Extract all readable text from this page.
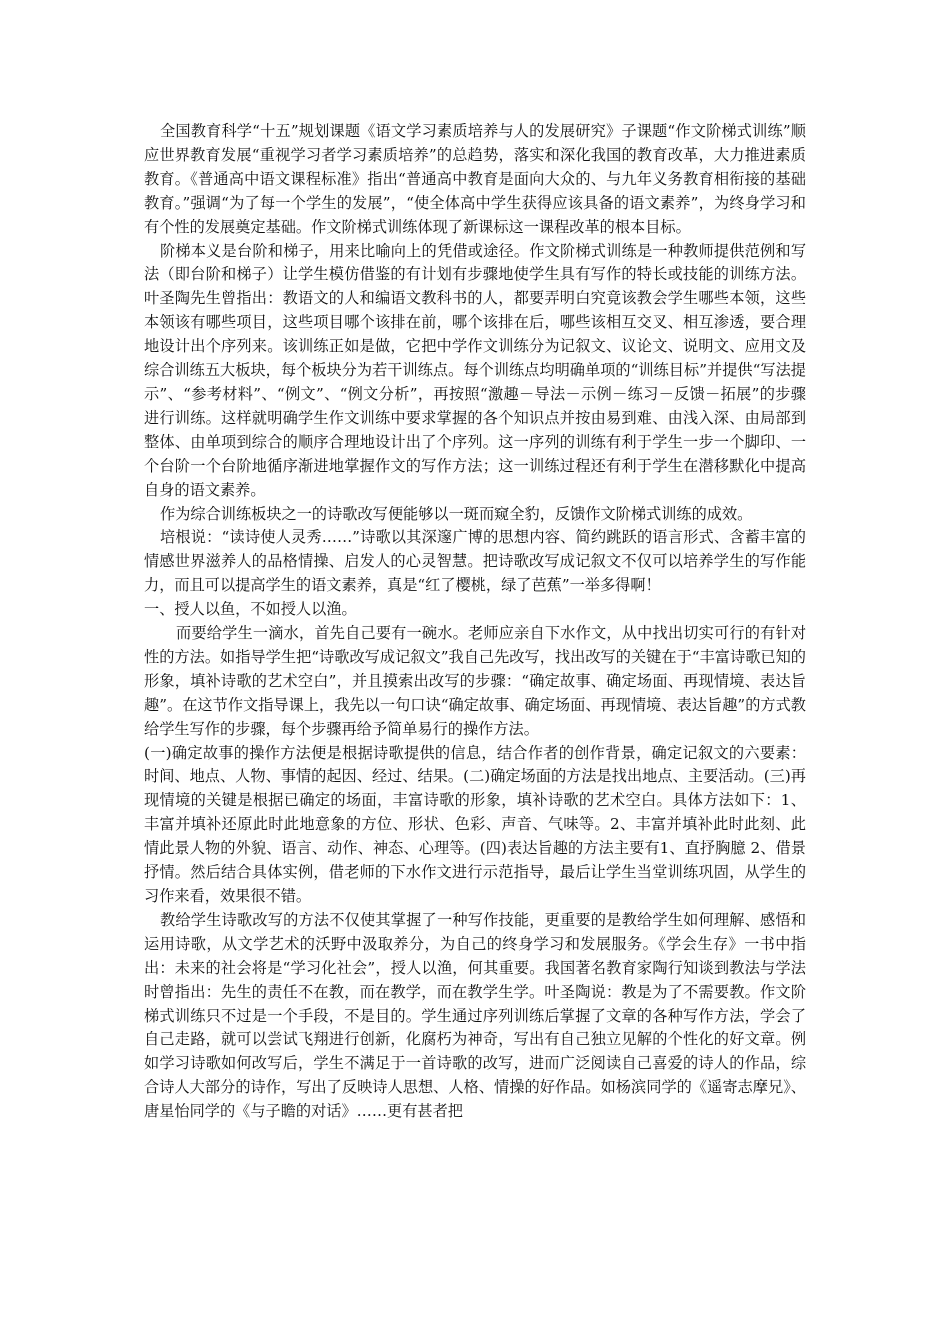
全国教育科学“十五”规划课题《语文学习素质培养与人的发展研究》子课题“作文阶梯式训练”顺应世界教育发展“重视学习者学习素质培养”的总趋势，落实和深化我国的教育改革，大力推进素质教育。《普通高中语文课程标准》指出“普通高中教育是面向大众的、与九年义务教育相衔接的基础教育。”强调“为了每一个学生的发展”，“使全体高中学生获得应该具备的语文素养”，为终身学习和有个性的发展奠定基础。作文阶梯式训练体现了新课标这一课程改革的根本目标。

阶梯本义是台阶和梯子，用来比喻向上的凭借或途径。作文阶梯式训练是一种教师提供范例和写法（即台阶和梯子）让学生模仿借鉴的有计划有步骤地使学生具有写作的特长或技能的训练方法。叶圣陶先生曾指出：教语文的人和编语文教科书的人，都要弄明白究竟该教会学生哪些本领，这些本领该有哪些项目，这些项目哪个该排在前，哪个该排在后，哪些该相互交叉、相互渗透，要合理地设计出个序列来。该训练正如是做，它把中学作文训练分为记叙文、议论文、说明文、应用文及综合训练五大板块，每个板块分为若干训练点。每个训练点均明确单项的“训练目标”并提供“写法提示”、“参考材料”、“例文”、“例文分析”，再按照“激趣－导法－示例－练习－反馈－拓展”的步骤进行训练。这样就明确学生作文训练中要求掌握的各个知识点并按由易到难、由浅入深、由局部到整体、由单项到综合的顺序合理地设计出了个序列。这一序列的训练有利于学生一步一个脚印、一个台阶一个台阶地循序渐进地掌握作文的写作方法；这一训练过程还有利于学生在潜移默化中提高自身的语文素养。

作为综合训练板块之一的诗歌改写便能够以一斑而窥全豹，反馈作文阶梯式训练的成效。

培根说：“读诗使人灵秀……”诗歌以其深邃广博的思想内容、简约跳跃的语言形式、含蓄丰富的情感世界滋养人的品格情操、启发人的心灵智慧。把诗歌改写成记叙文不仅可以培养学生的写作能力，而且可以提高学生的语文素养，真是“红了樱桃，绿了芭蕉”一举多得啊！

一、授人以鱼，不如授人以渔。

而要给学生一滴水，首先自己要有一碗水。老师应亲自下水作文，从中找出切实可行的有针对性的方法。如指导学生把“诗歌改写成记叙文”我自己先改写，找出改写的关键在于“丰富诗歌已知的形象，填补诗歌的艺术空白”，并且摸索出改写的步骤：“确定故事、确定场面、再现情境、表达旨趣”。在这节作文指导课上，我先以一句口诀“确定故事、确定场面、再现情境、表达旨趣”的方式教给学生写作的步骤，每个步骤再给予简单易行的操作方法。

(一)确定故事的操作方法便是根据诗歌提供的信息，结合作者的创作背景，确定记叙文的六要素：时间、地点、人物、事情的起因、经过、结果。(二)确定场面的方法是找出地点、主要活动。(三)再现情境的关键是根据已确定的场面，丰富诗歌的形象，填补诗歌的艺术空白。具体方法如下：1、丰富并填补还原此时此地意象的方位、形状、色彩、声音、气味等。2、丰富并填补此时此刻、此情此景人物的外貌、语言、动作、神态、心理等。(四)表达旨趣的方法主要有1、直抒胸臆 2、借景抒情。然后结合具体实例，借老师的下水作文进行示范指导，最后让学生当堂训练巩固，从学生的习作来看，效果很不错。

教给学生诗歌改写的方法不仅使其掌握了一种写作技能，更重要的是教给学生如何理解、感悟和运用诗歌，从文学艺术的沃野中汲取养分，为自己的终身学习和发展服务。《学会生存》一书中指出：未来的社会将是“学习化社会”，授人以渔，何其重要。我国著名教育家陶行知谈到教法与学法时曾指出：先生的责任不在教，而在教学，而在教学生学。叶圣陶说：教是为了不需要教。作文阶梯式训练只不过是一个手段，不是目的。学生通过序列训练后掌握了文章的各种写作方法，学会了自己走路，就可以尝试飞翔进行创新，化腐朽为神奇，写出有自己独立见解的个性化的好文章。例如学习诗歌如何改写后，学生不满足于一首诗歌的改写，进而广泛阅读自己喜爱的诗人的作品，综合诗人大部分的诗作，写出了反映诗人思想、人格、情操的好作品。如杨滨同学的《遥寄志摩兄》、唐星怡同学的《与子瞻的对话》……更有甚者把
